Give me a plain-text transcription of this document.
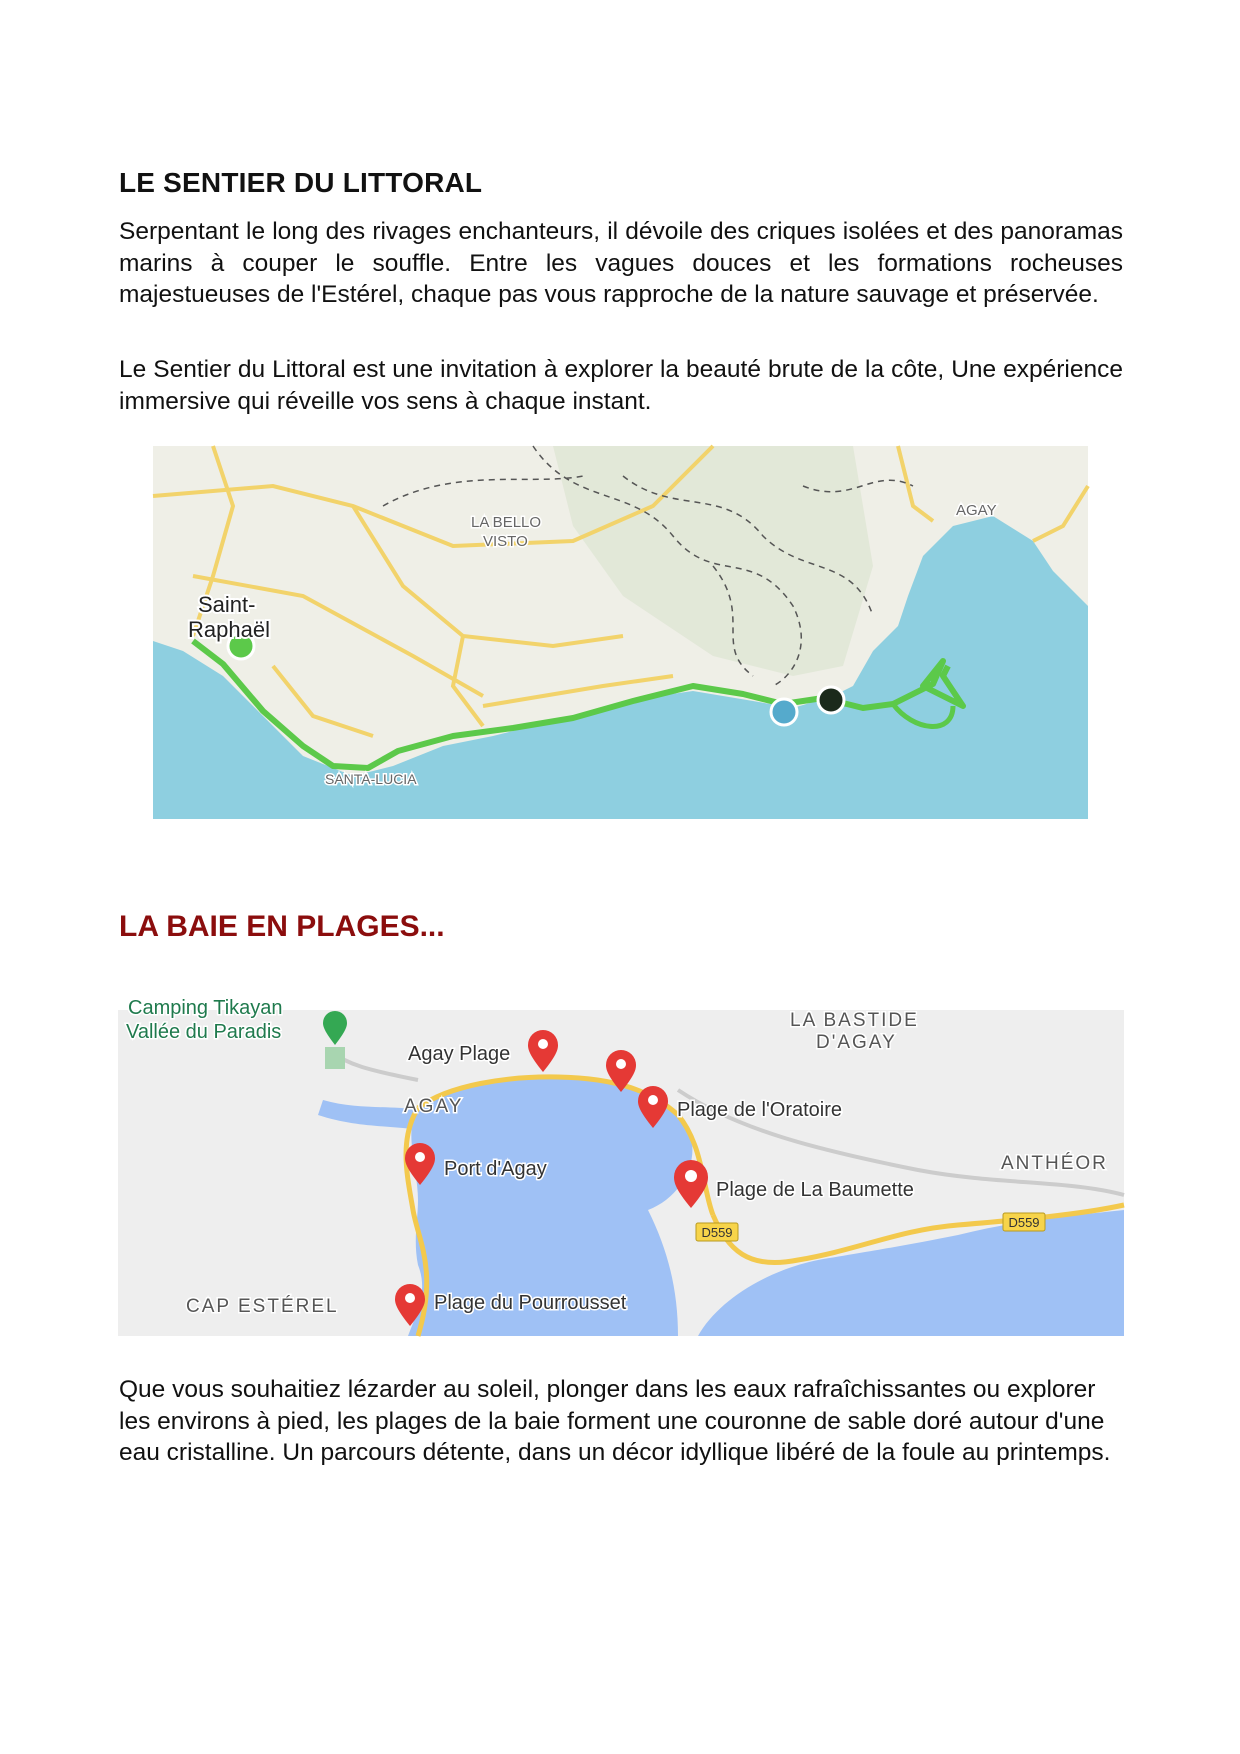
LE SENTIER DU LITTORAL

Serpentant le long des rivages enchanteurs, il dévoile des criques isolées et des panoramas marins à couper le souffle. Entre les vagues douces et les formations rocheuses majestueuses de l'Estérel, chaque pas vous rapproche de la nature sauvage et préservée.

Le Sentier du Littoral est une invitation à explorer la beauté brute de la côte, Une expérience immersive qui réveille vos sens à chaque instant.

Saint-
Raphaël
LA BELLO
VISTO
AGAY
SANTA-LUCIA
LA BAIE EN PLAGES...
D559
D559
Camping Tikayan
Vallée du Paradis
LA BASTIDE
D'AGAY
Agay Plage
AGAY	Plage de l'Oratoire
ANTHÉOR
Port d'Agay
Plage de La Baumette
CAP ESTÉREL	Plage du Pourrousset

Que vous souhaitiez lézarder au soleil, plonger dans les eaux rafraîchissantes ou explorer les environs à pied, les plages de la baie forment une couronne de sable doré autour d'une eau cristalline. Un parcours détente, dans un décor idyllique libéré de la foule au printemps.
